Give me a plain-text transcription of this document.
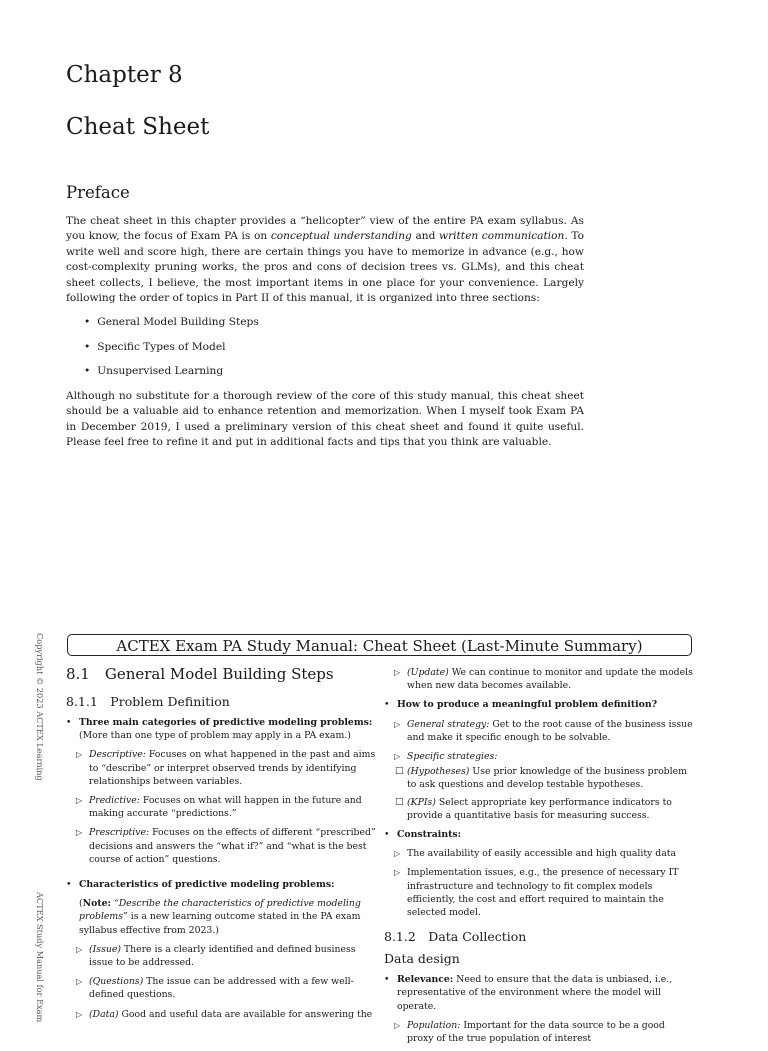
Chapter 8
Cheat Sheet
Preface
The cheat sheet in this chapter provides a “helicopter” view of the entire PA exam syllabus. As you know, the focus of Exam PA is on conceptual understanding and written communication. To write well and score high, there are certain things you have to memorize in advance (e.g., how cost-complexity pruning works, the pros and cons of decision trees vs. GLMs), and this cheat sheet collects, I believe, the most important items in one place for your convenience. Largely following the order of topics in Part II of this manual, it is organized into three sections:
• General Model Building Steps
• Specific Types of Model
• Unsupervised Learning
Although no substitute for a thorough review of the core of this study manual, this cheat sheet should be a valuable aid to enhance retention and memorization. When I myself took Exam PA in December 2019, I used a preliminary version of this cheat sheet and found it quite useful. Please feel free to refine it and put in additional facts and tips that you think are valuable.
Copyright © 2023 ACTEX Learning
ACTEX Study Manual for Exam
ACTEX Exam PA Study Manual: Cheat Sheet (Last-Minute Summary)
8.1 General Model Building Steps
8.1.1 Problem Definition
• Three main categories of predictive modeling problems: (More than one type of problem may apply in a PA exam.)
▷ Descriptive: Focuses on what happened in the past and aims to “describe” or interpret observed trends by identifying relationships between variables.
▷ Predictive: Focuses on what will happen in the future and making accurate “predictions.”
▷ Prescriptive: Focuses on the effects of different “prescribed” decisions and answers the “what if?” and “what is the best course of action” questions.
• Characteristics of predictive modeling problems:
(Note: “Describe the characteristics of predictive modeling problems” is a new learning outcome stated in the PA exam syllabus effective from 2023.)
▷ (Issue) There is a clearly identified and defined business issue to be addressed.
▷ (Questions) The issue can be addressed with a few well-defined questions.
▷ (Data) Good and useful data are available for answering the
▷ (Update) We can continue to monitor and update the models when new data becomes available.
• How to produce a meaningful problem definition?
▷ General strategy: Get to the root cause of the business issue and make it specific enough to be solvable.
▷ Specific strategies:
□ (Hypotheses) Use prior knowledge of the business problem to ask questions and develop testable hypotheses.
□ (KPIs) Select appropriate key performance indicators to provide a quantitative basis for measuring success.
• Constraints:
▷ The availability of easily accessible and high quality data
▷ Implementation issues, e.g., the presence of necessary IT infrastructure and technology to fit complex models efficiently, the cost and effort required to maintain the selected model.
8.1.2 Data Collection
Data design
• Relevance: Need to ensure that the data is unbiased, i.e., representative of the environment where the model will operate.
▷ Population: Important for the data source to be a good proxy of the true population of interest
